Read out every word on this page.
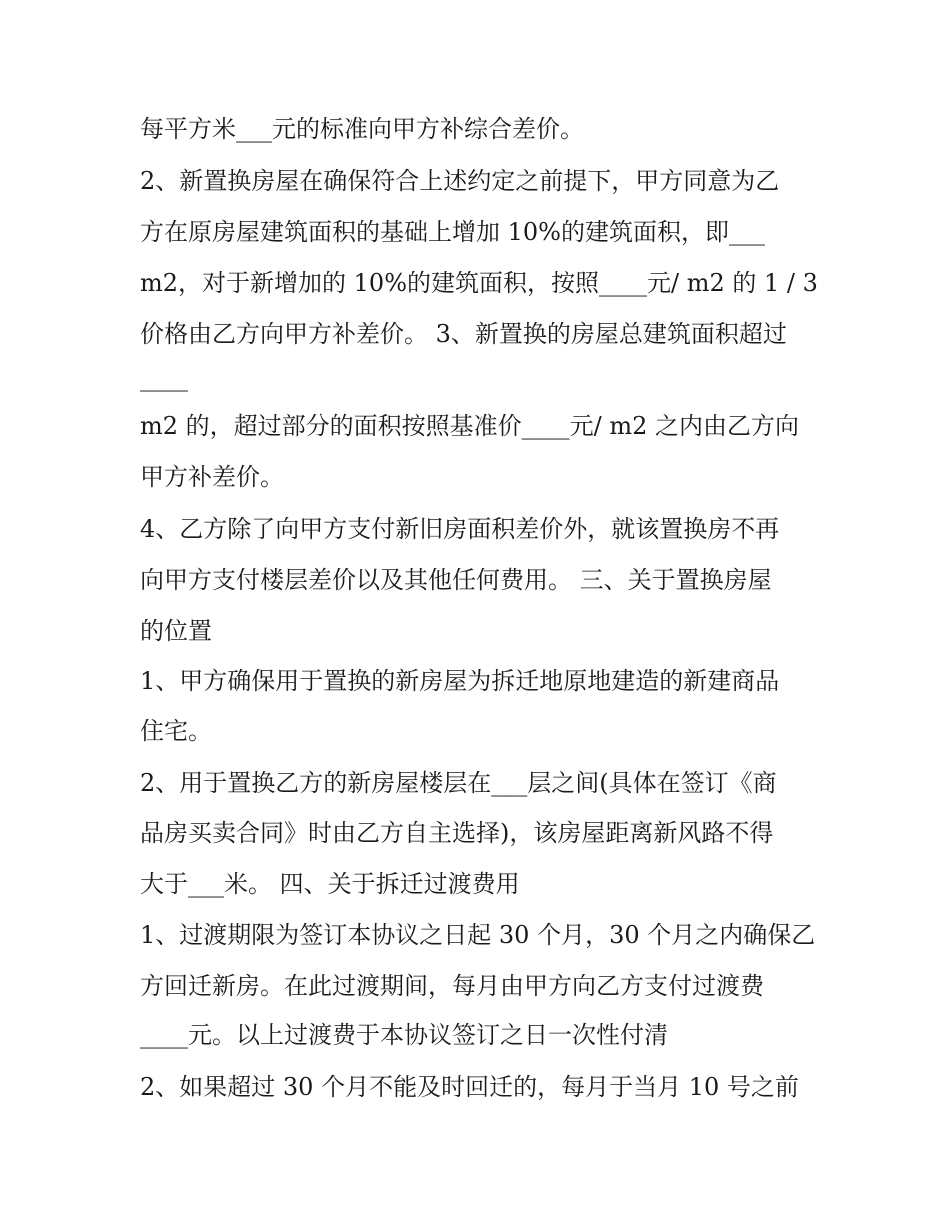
每平方米___元的标准向甲方补综合差价。
2、新置换房屋在确保符合上述约定之前提下，甲方同意为乙
方在原房屋建筑面积的基础上增加 10%的建筑面积，即___
m2，对于新增加的 10%的建筑面积，按照____元/ m2 的 1 / 3
价格由乙方向甲方补差价。 3、新置换的房屋总建筑面积超过
____
m2 的，超过部分的面积按照基准价____元/ m2 之内由乙方向
甲方补差价。
4、乙方除了向甲方支付新旧房面积差价外，就该置换房不再
向甲方支付楼层差价以及其他任何费用。 三、关于置换房屋
的位置
1、甲方确保用于置换的新房屋为拆迁地原地建造的新建商品
住宅。
2、用于置换乙方的新房屋楼层在___层之间(具体在签订《商
品房买卖合同》时由乙方自主选择)，该房屋距离新风路不得
大于___米。 四、关于拆迁过渡费用
1、过渡期限为签订本协议之日起 30 个月，30 个月之内确保乙
方回迁新房。在此过渡期间，每月由甲方向乙方支付过渡费
____元。以上过渡费于本协议签订之日一次性付清
2、如果超过 30 个月不能及时回迁的，每月于当月 10 号之前
